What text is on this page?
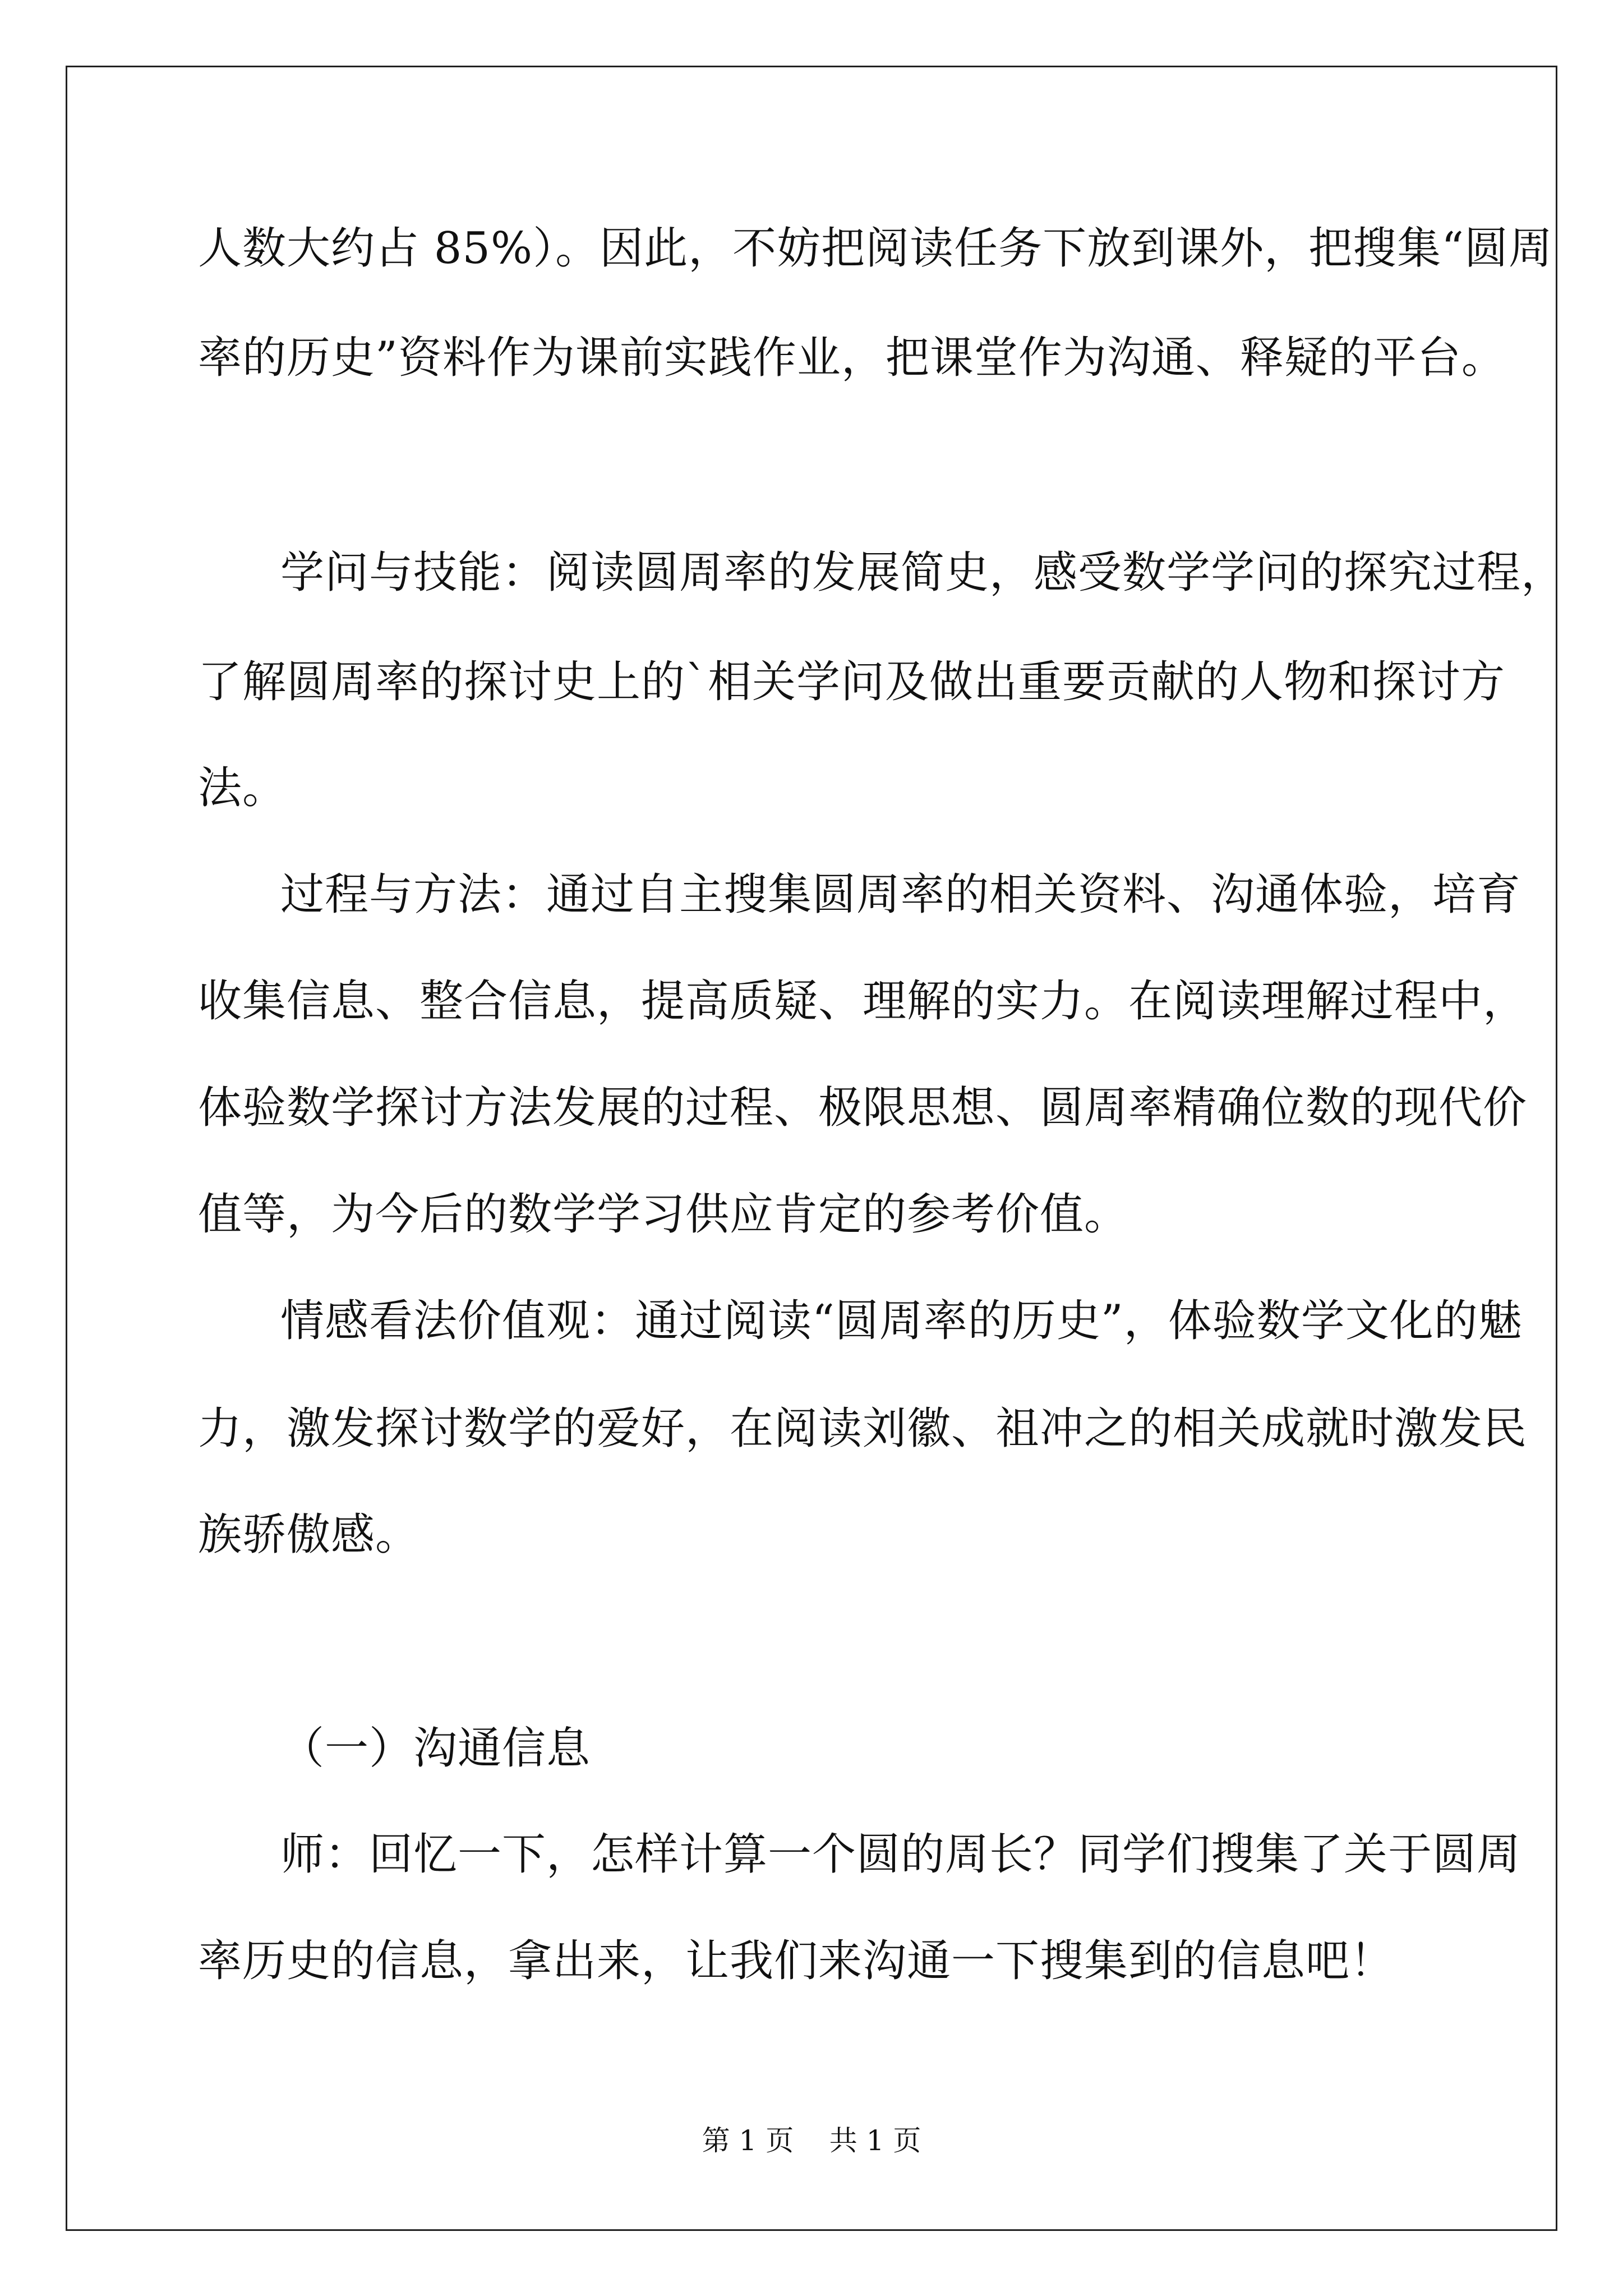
人数大约占 85%）。因此，不妨把阅读任务下放到课外，把搜集“圆周
率的历史”资料作为课前实践作业，把课堂作为沟通、释疑的平台。
学问与技能：阅读圆周率的发展简史，感受数学学问的探究过程，
了解圆周率的探讨史上的`相关学问及做出重要贡献的人物和探讨方
法。
过程与方法：通过自主搜集圆周率的相关资料、沟通体验，培育
收集信息、整合信息，提高质疑、理解的实力。在阅读理解过程中，
体验数学探讨方法发展的过程、极限思想、圆周率精确位数的现代价
值等，为今后的数学学习供应肯定的参考价值。
情感看法价值观：通过阅读“圆周率的历史”，体验数学文化的魅
力，激发探讨数学的爱好，在阅读刘徽、祖冲之的相关成就时激发民
族骄傲感。
（一）沟通信息
师：回忆一下，怎样计算一个圆的周长？同学们搜集了关于圆周
率历史的信息，拿出来，让我们来沟通一下搜集到的信息吧！
第 1 页    共 1 页
